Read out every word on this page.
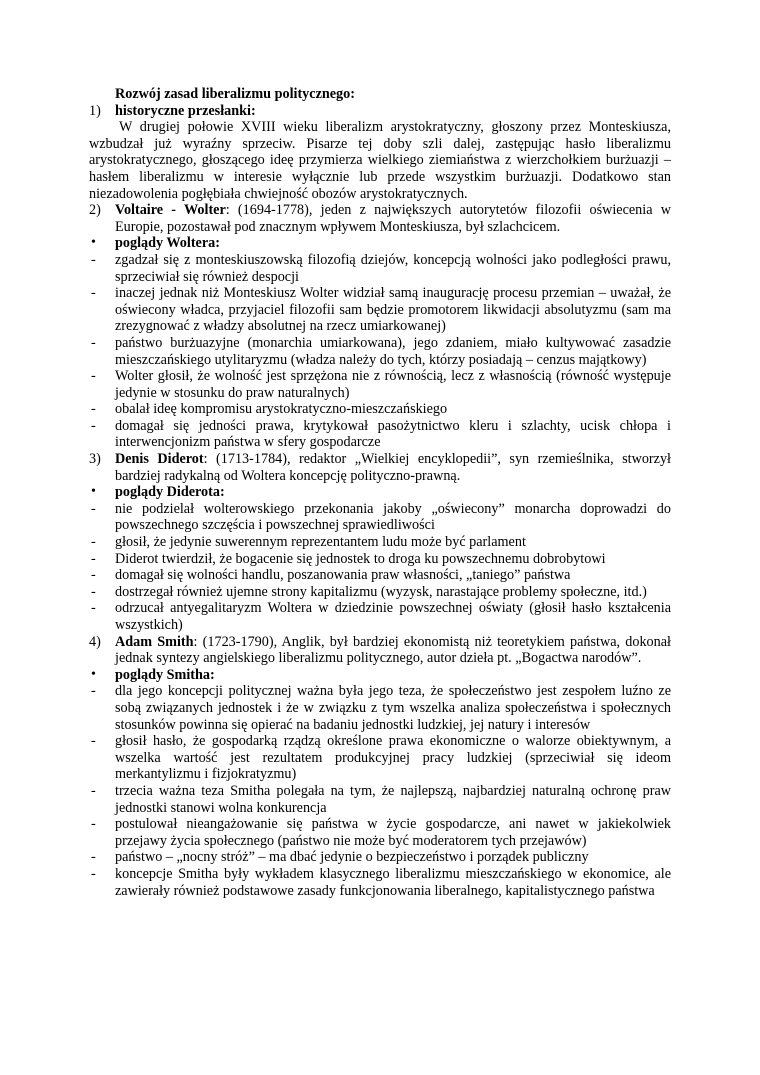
Rozwój zasad liberalizmu politycznego:
1) historyczne przesłanki:
W drugiej połowie XVIII wieku liberalizm arystokratyczny, głoszony przez Monteskiusza, wzbudzał już wyraźny sprzeciw. Pisarze tej doby szli dalej, zastępując hasło liberalizmu arystokratycznego, głoszącego ideę przymierza wielkiego ziemiaństwa z wierzchołkiem burżuazji – hasłem liberalizmu w interesie wyłącznie lub przede wszystkim burżuazji. Dodatkowo stan niezadowolenia pogłębiała chwiejność obozów arystokratycznych.
2) Voltaire - Wolter: (1694-1778), jeden z największych autorytetów filozofii oświecenia w Europie, pozostawał pod znacznym wpływem Monteskiusza, był szlachcicem.
•	poglądy Woltera:
-	zgadzał się z monteskiuszowską filozofią dziejów, koncepcją wolności jako podległości prawu, sprzeciwiał się również despocji
-	inaczej jednak niż Monteskiusz Wolter widział samą inaugurację procesu przemian – uważał, że oświecony władca, przyjaciel filozofii sam będzie promotorem likwidacji absolutyzmu (sam ma zrezygnować z władzy absolutnej na rzecz umiarkowanej)
-	państwo burżuazyjne (monarchia umiarkowana), jego zdaniem, miało kultywować zasadzie mieszczańskiego utylitaryzmu (władza należy do tych, którzy posiadają – cenzus majątkowy)
-	Wolter głosił, że wolność jest sprzężona nie z równością, lecz z własnością (równość występuje jedynie w stosunku do praw naturalnych)
-	obalał ideę kompromisu arystokratyczno-mieszczańskiego
-	domagał się jedności prawa, krytykował pasożytnictwo kleru i szlachty, ucisk chłopa i interwencjonizm państwa w sfery gospodarcze
3) Denis Diderot: (1713-1784), redaktor „Wielkiej encyklopedii”, syn rzemieślnika, stworzył bardziej radykalną od Woltera koncepcję polityczno-prawną.
•	poglądy Diderota:
-	nie podzielał wolterowskiego przekonania jakoby „oświecony” monarcha doprowadzi do powszechnego szczęścia i powszechnej sprawiedliwości
-	głosił, że jedynie suwerennym reprezentantem ludu może być parlament
-	Diderot twierdził, że bogacenie się jednostek to droga ku powszechnemu dobrobytowi
-	domagał się wolności handlu, poszanowania praw własności, „taniego” państwa
-	dostrzegał również ujemne strony kapitalizmu (wyzysk, narastające problemy społeczne, itd.)
-	odrzucał antyegalitaryzm Woltera w dziedzinie powszechnej oświaty (głosił hasło kształcenia wszystkich)
4) Adam Smith: (1723-1790), Anglik, był bardziej ekonomistą niż teoretykiem państwa, dokonał jednak syntezy angielskiego liberalizmu politycznego, autor dzieła pt. „Bogactwa narodów”.
•	poglądy Smitha:
-	dla jego koncepcji politycznej ważna była jego teza, że społeczeństwo jest zespołem luźno ze sobą związanych jednostek i że w związku z tym wszelka analiza społeczeństwa i społecznych stosunków powinna się opierać na badaniu jednostki ludzkiej, jej natury i interesów
-	głosił hasło, że gospodarką rządzą określone prawa ekonomiczne o walorze obiektywnym, a wszelka wartość jest rezultatem produkcyjnej pracy ludzkiej (sprzeciwiał się ideom merkantylizmu i fizjokratyzmu)
-	trzecia ważna teza Smitha polegała na tym, że najlepszą, najbardziej naturalną ochronę praw jednostki stanowi wolna konkurencja
-	postulował nieangażowanie się państwa w życie gospodarcze, ani nawet w jakiekolwiek przejawy życia społecznego (państwo nie może być moderatorem tych przejawów)
-	państwo – „nocny stróż” – ma dbać jedynie o bezpieczeństwo i porządek publiczny
-	koncepcje Smitha były wykładem klasycznego liberalizmu mieszczańskiego w ekonomice, ale zawierały również podstawowe zasady funkcjonowania liberalnego, kapitalistycznego państwa
